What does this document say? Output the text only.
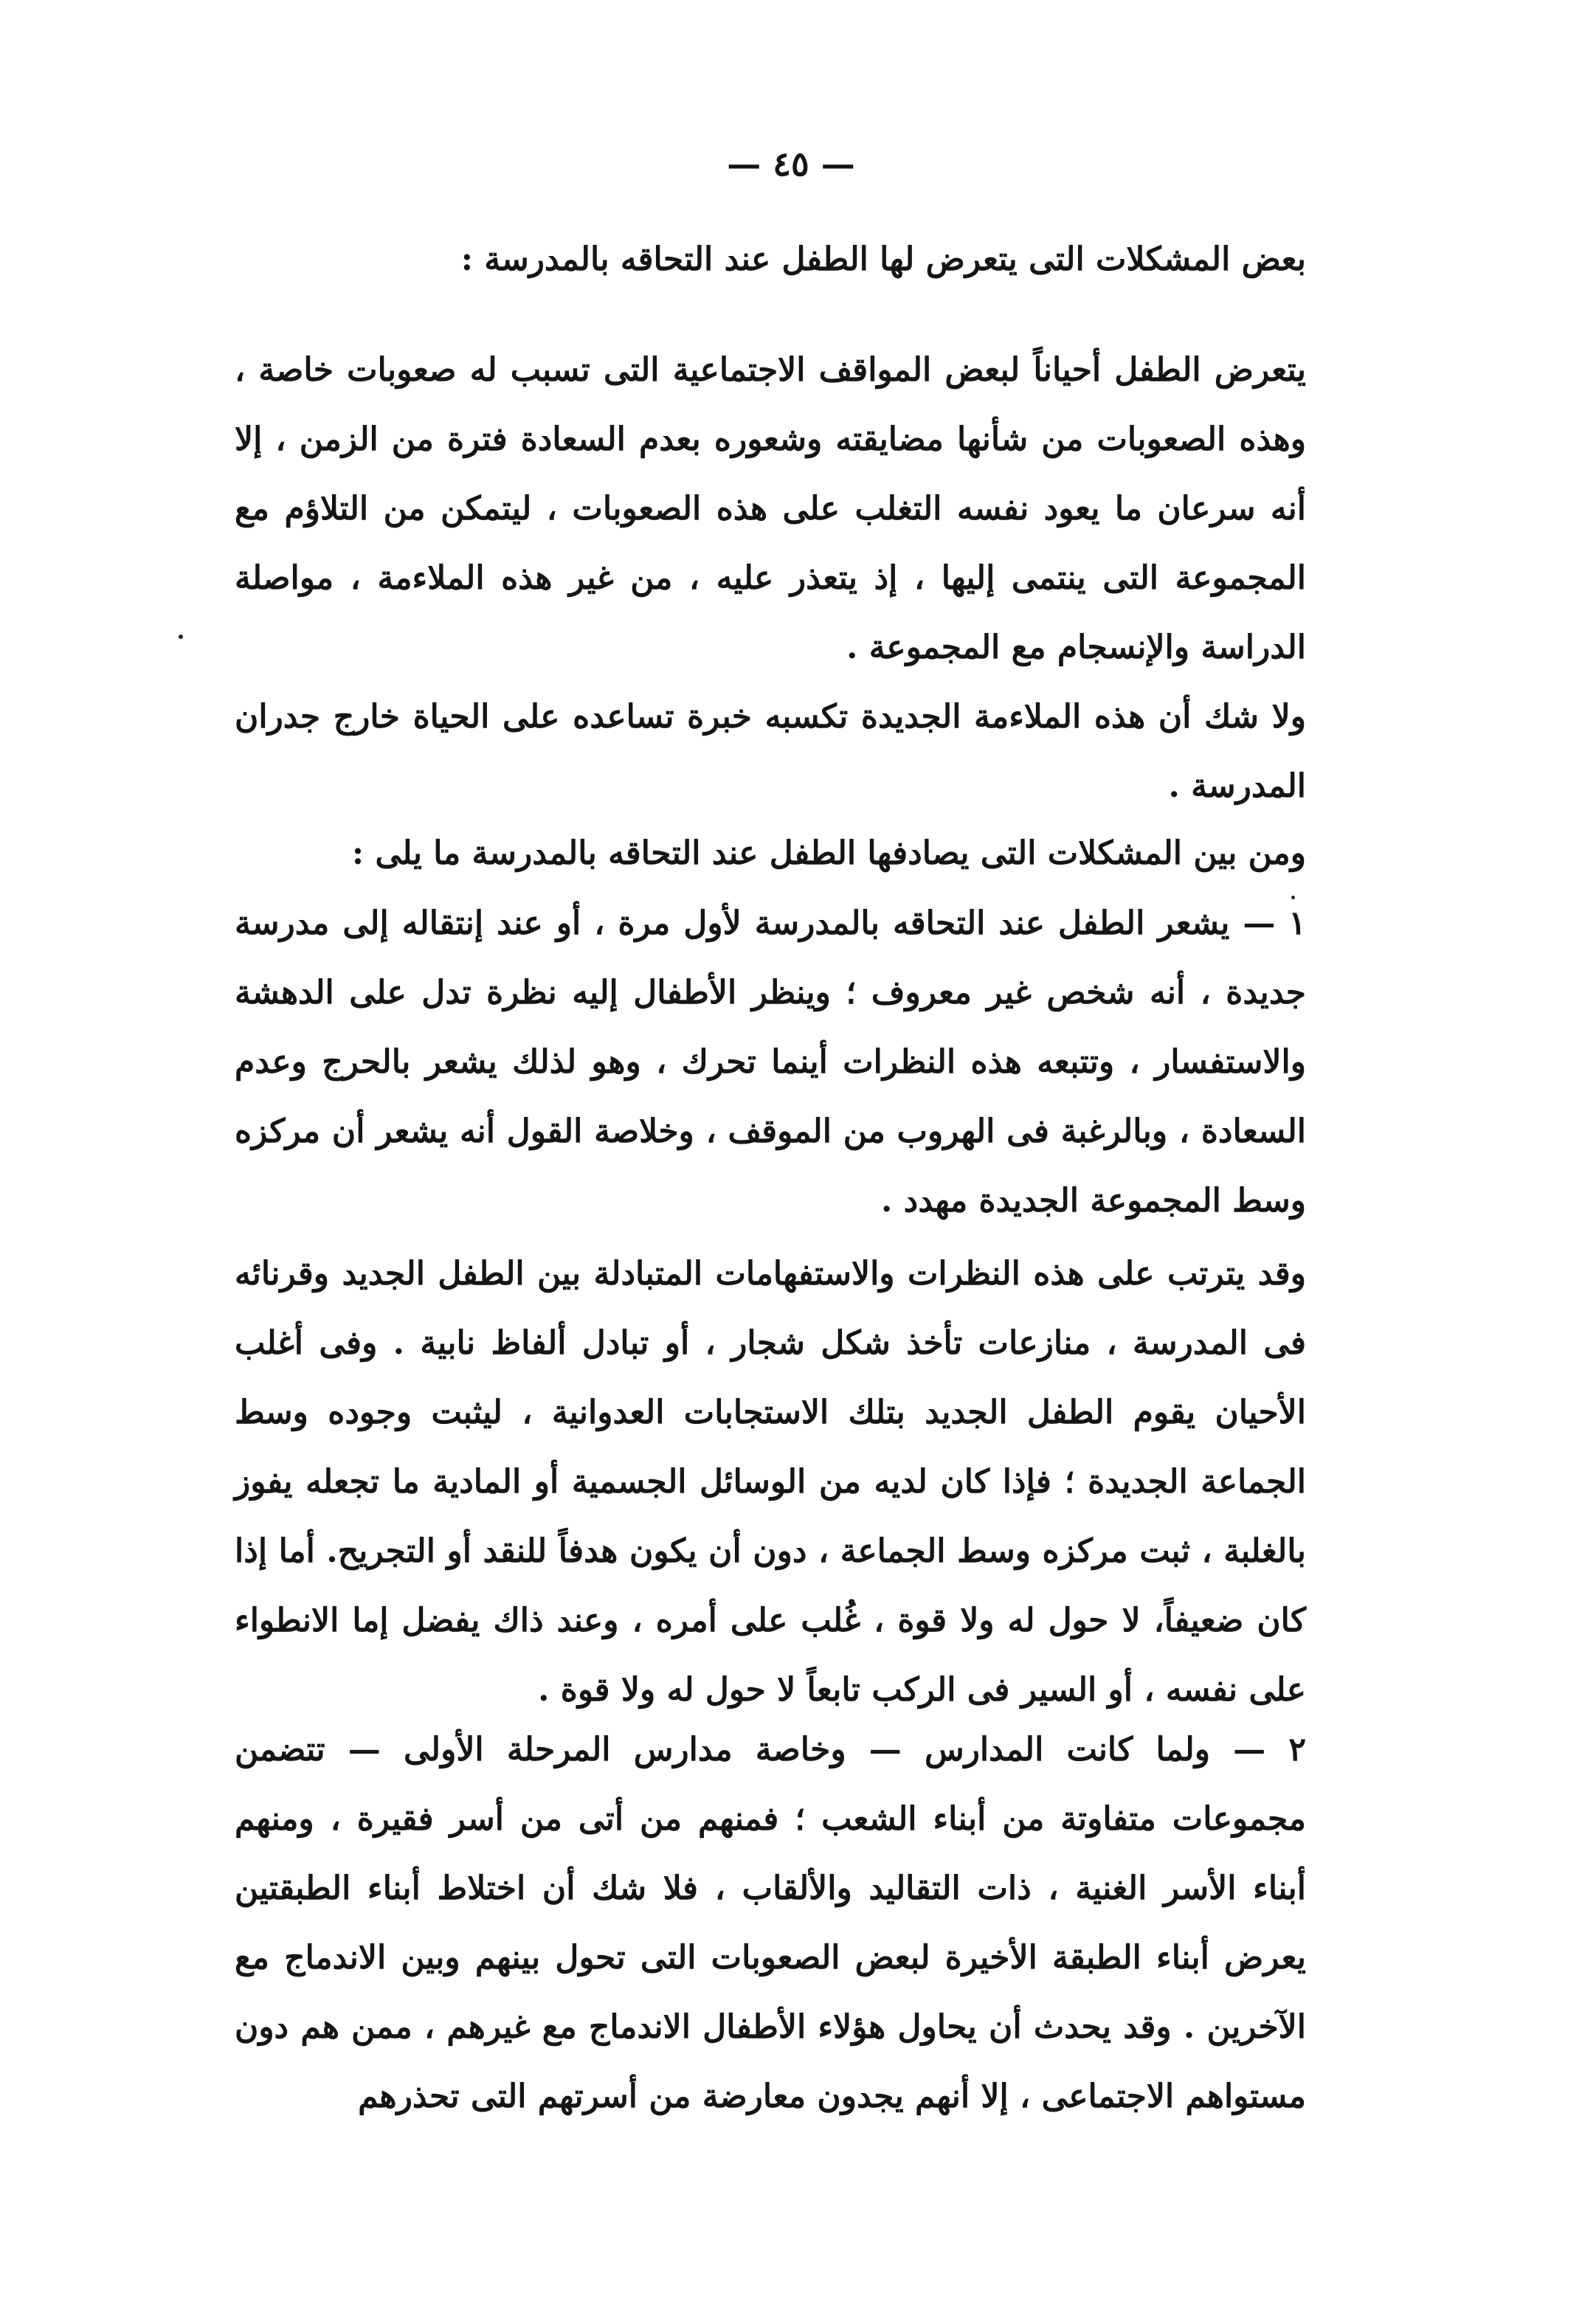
— ٤٥ —

بعض المشكلات التى يتعرض لها الطفل عند التحاقه بالمدرسة :

يتعرض الطفل أحياناً لبعض المواقف الاجتماعية التى تسبب له صعوبات خاصة ، وهذه الصعوبات من شأنها مضايقته وشعوره بعدم السعادة فترة من الزمن ، إلا أنه سرعان ما يعود نفسه التغلب على هذه الصعوبات ، ليتمكن من التلاؤم مع المجموعة التى ينتمى إليها ، إذ يتعذر عليه ، من غير هذه الملاءمة ، مواصلة الدراسة والإنسجام مع المجموعة .

ولا شك أن هذه الملاءمة الجديدة تكسبه خبرة تساعده على الحياة خارج جدران المدرسة .

ومن بين المشكلات التى يصادفها الطفل عند التحاقه بالمدرسة ما يلى :

١ — يشعر الطفل عند التحاقه بالمدرسة لأول مرة ، أو عند إنتقاله إلى مدرسة جديدة ، أنه شخص غير معروف ؛ وينظر الأطفال إليه نظرة تدل على الدهشة والاستفسار ، وتتبعه هذه النظرات أينما تحرك ، وهو لذلك يشعر بالحرج وعدم السعادة ، وبالرغبة فى الهروب من الموقف ، وخلاصة القول أنه يشعر أن مركزه وسط المجموعة الجديدة مهدد .

وقد يترتب على هذه النظرات والاستفهامات المتبادلة بين الطفل الجديد وقرنائه فى المدرسة ، منازعات تأخذ شكل شجار ، أو تبادل ألفاظ نابية . وفى أغلب الأحيان يقوم الطفل الجديد بتلك الاستجابات العدوانية ، ليثبت وجوده وسط الجماعة الجديدة ؛ فإذا كان لديه من الوسائل الجسمية أو المادية ما تجعله يفوز بالغلبة ، ثبت مركزه وسط الجماعة ، دون أن يكون هدفاً للنقد أو التجريح. أما إذا كان ضعيفاً، لا حول له ولا قوة ، غُلب على أمره ، وعند ذاك يفضل إما الانطواء على نفسه ، أو السير فى الركب تابعاً لا حول له ولا قوة .

٢ — ولما كانت المدارس — وخاصة مدارس المرحلة الأولى — تتضمن مجموعات متفاوتة من أبناء الشعب ؛ فمنهم من أتى من أسر فقيرة ، ومنهم أبناء الأسر الغنية ، ذات التقاليد والألقاب ، فلا شك أن اختلاط أبناء الطبقتين يعرض أبناء الطبقة الأخيرة لبعض الصعوبات التى تحول بينهم وبين الاندماج مع الآخرين . وقد يحدث أن يحاول هؤلاء الأطفال الاندماج مع غيرهم ، ممن هم دون مستواهم الاجتماعى ، إلا أنهم يجدون معارضة من أسرتهم التى تحذرهم
